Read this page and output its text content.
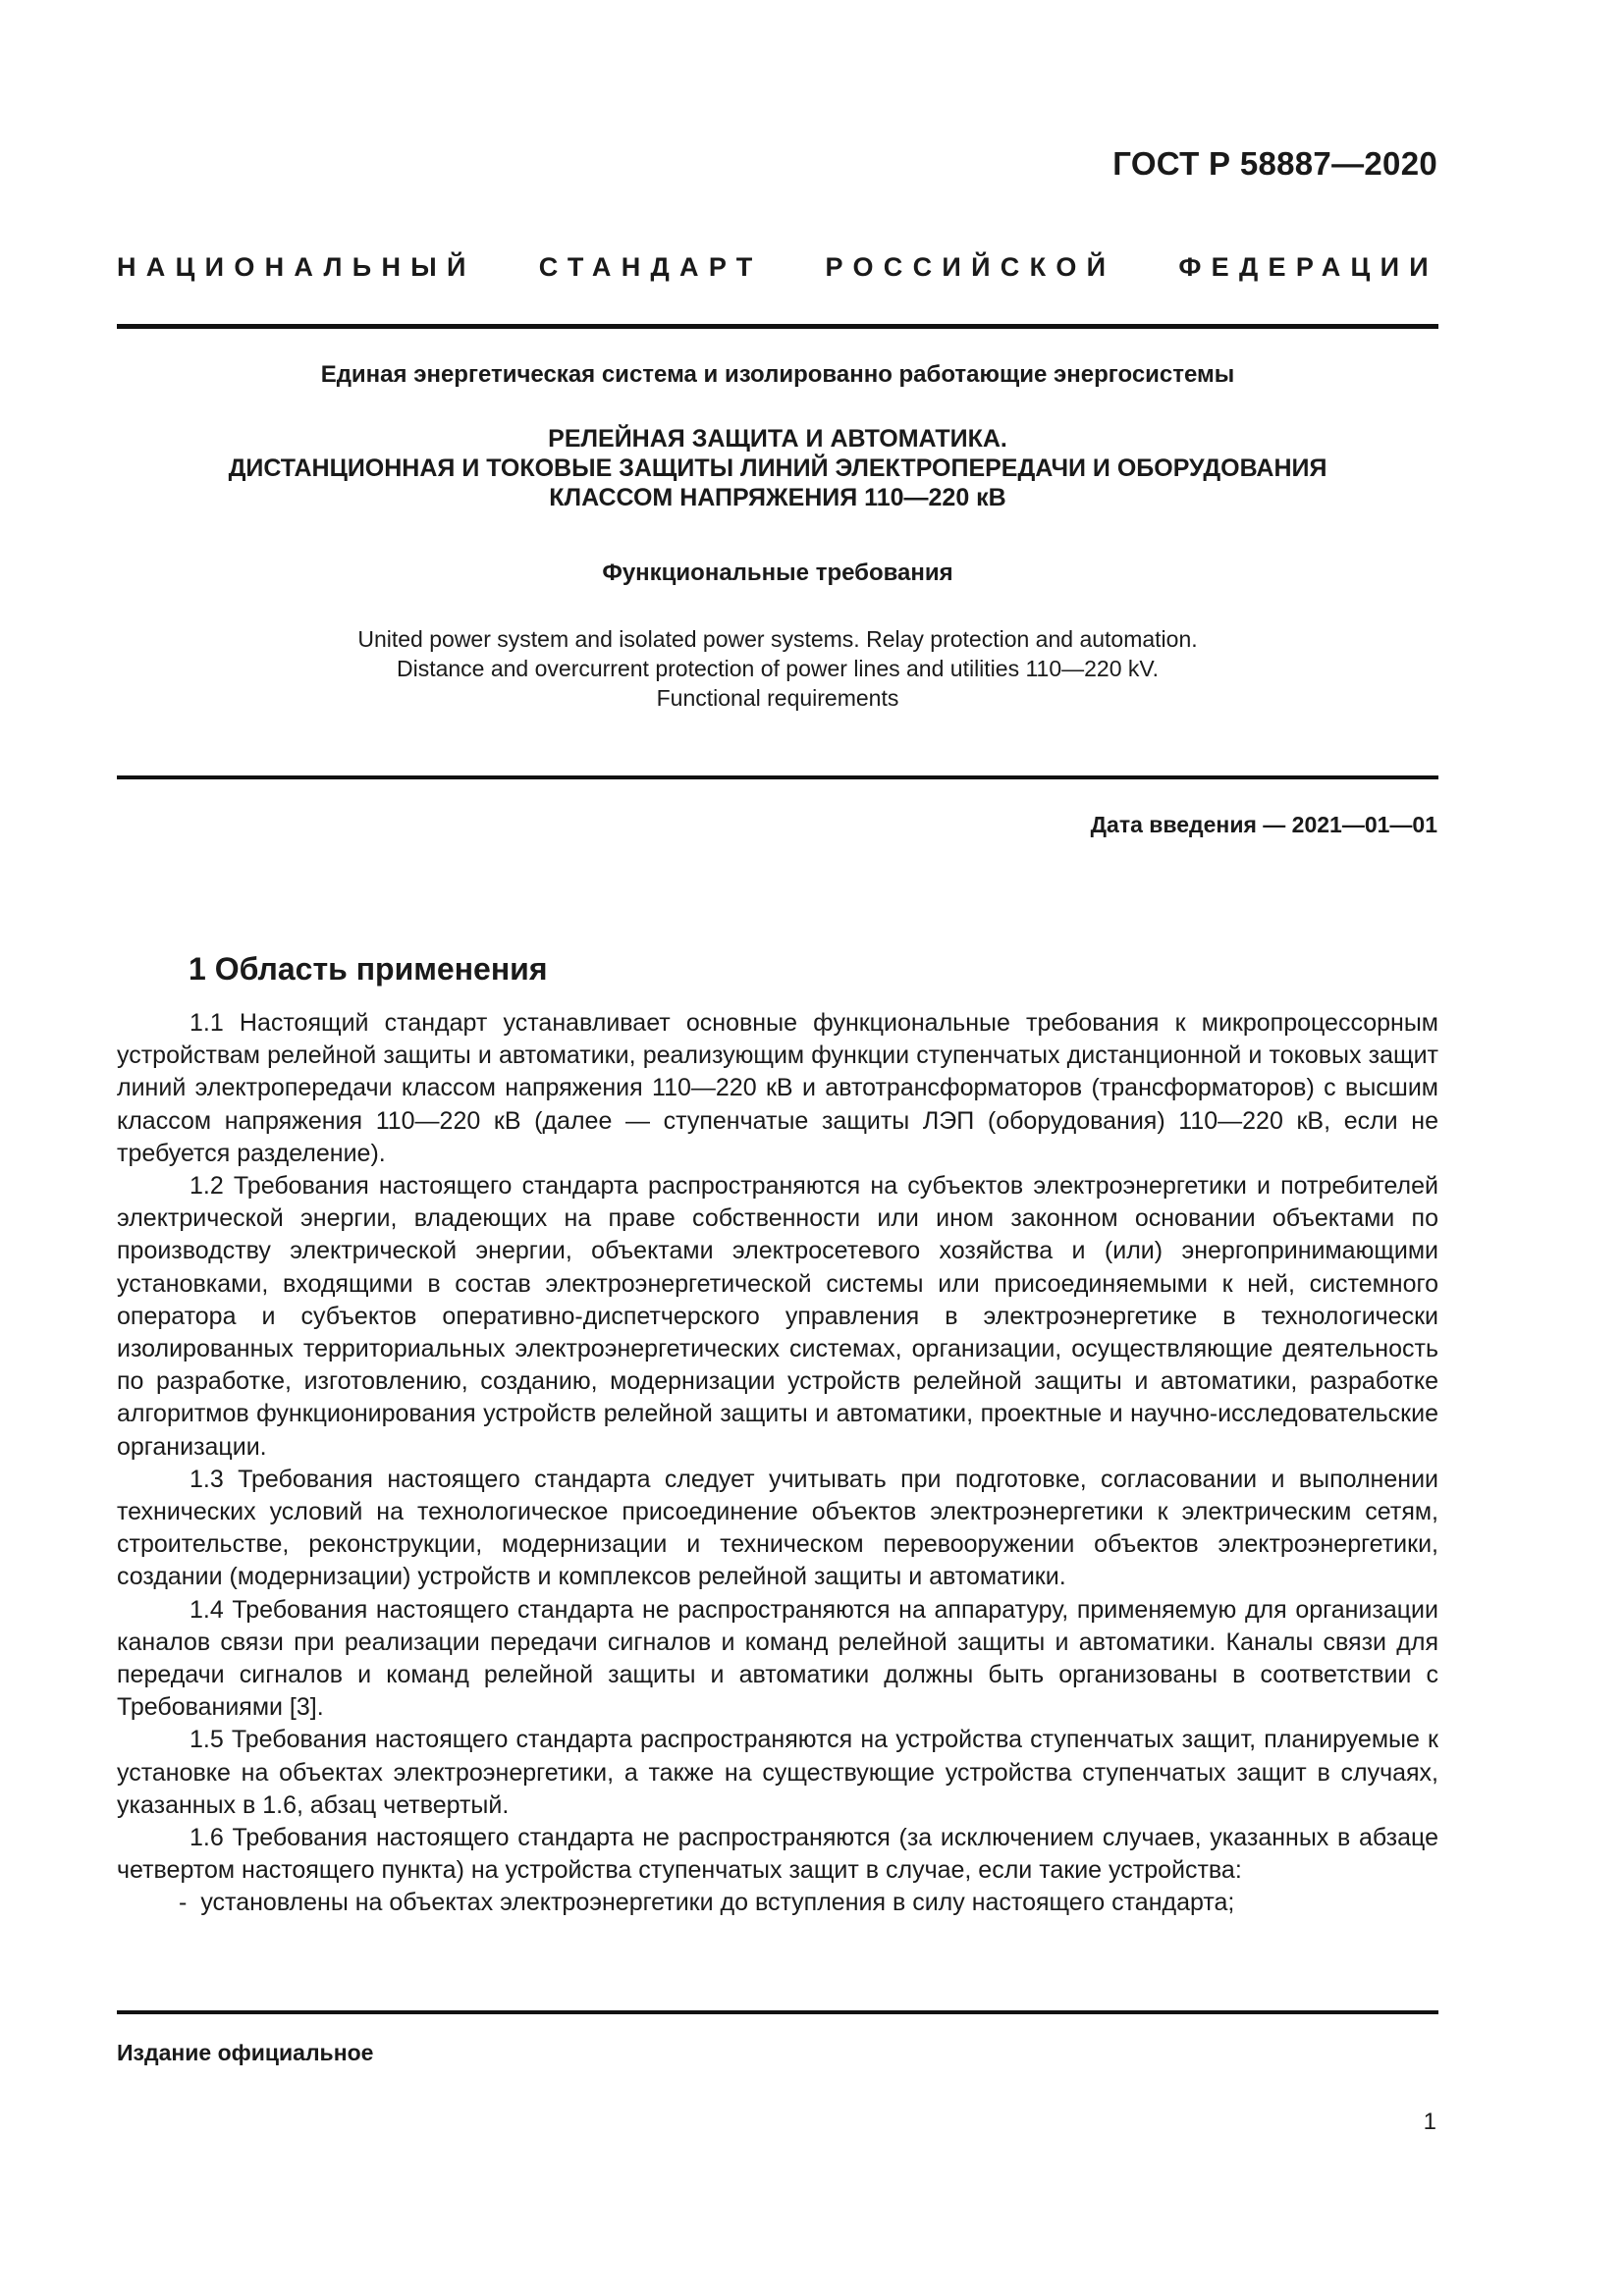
ГОСТ Р 58887—2020
НАЦИОНАЛЬНЫЙ СТАНДАРТ РОССИЙСКОЙ ФЕДЕРАЦИИ
Единая энергетическая система и изолированно работающие энергосистемы
РЕЛЕЙНАЯ ЗАЩИТА И АВТОМАТИКА.
ДИСТАНЦИОННАЯ И ТОКОВЫЕ ЗАЩИТЫ ЛИНИЙ ЭЛЕКТРОПЕРЕДАЧИ И ОБОРУДОВАНИЯ
КЛАССОМ НАПРЯЖЕНИЯ 110—220 кВ
Функциональные требования
United power system and isolated power systems. Relay protection and automation.
Distance and overcurrent protection of power lines and utilities 110—220 kV.
Functional requirements
Дата введения — 2021—01—01
1 Область применения

1.1 Настоящий стандарт устанавливает основные функциональные требования к микропроцессорным устройствам релейной защиты и автоматики, реализующим функции ступенчатых дистанционной и токовых защит линий электропередачи классом напряжения 110—220 кВ и автотрансформаторов (трансформаторов) с высшим классом напряжения 110—220 кВ (далее — ступенчатые защиты ЛЭП (оборудования) 110—220 кВ, если не требуется разделение).

1.2 Требования настоящего стандарта распространяются на субъектов электроэнергетики и потребителей электрической энергии, владеющих на праве собственности или ином законном основании объектами по производству электрической энергии, объектами электросетевого хозяйства и (или) энергопринимающими установками, входящими в состав электроэнергетической системы или присоединяемыми к ней, системного оператора и субъектов оперативно-диспетчерского управления в электроэнергетике в технологически изолированных территориальных электроэнергетических системах, организации, осуществляющие деятельность по разработке, изготовлению, созданию, модернизации устройств релейной защиты и автоматики, разработке алгоритмов функционирования устройств релейной защиты и автоматики, проектные и научно-исследовательские организации.

1.3 Требования настоящего стандарта следует учитывать при подготовке, согласовании и выполнении технических условий на технологическое присоединение объектов электроэнергетики к электрическим сетям, строительстве, реконструкции, модернизации и техническом перевооружении объектов электроэнергетики, создании (модернизации) устройств и комплексов релейной защиты и автоматики.

1.4 Требования настоящего стандарта не распространяются на аппаратуру, применяемую для организации каналов связи при реализации передачи сигналов и команд релейной защиты и автоматики. Каналы связи для передачи сигналов и команд релейной защиты и автоматики должны быть организованы в соответствии с Требованиями [3].

1.5 Требования настоящего стандарта распространяются на устройства ступенчатых защит, планируемые к установке на объектах электроэнергетики, а также на существующие устройства ступенчатых защит в случаях, указанных в 1.6, абзац четвертый.

1.6 Требования настоящего стандарта не распространяются (за исключением случаев, указанных в абзаце четвертом настоящего пункта) на устройства ступенчатых защит в случае, если такие устройства:

- установлены на объектах электроэнергетики до вступления в силу настоящего стандарта;

Издание официальное
1
